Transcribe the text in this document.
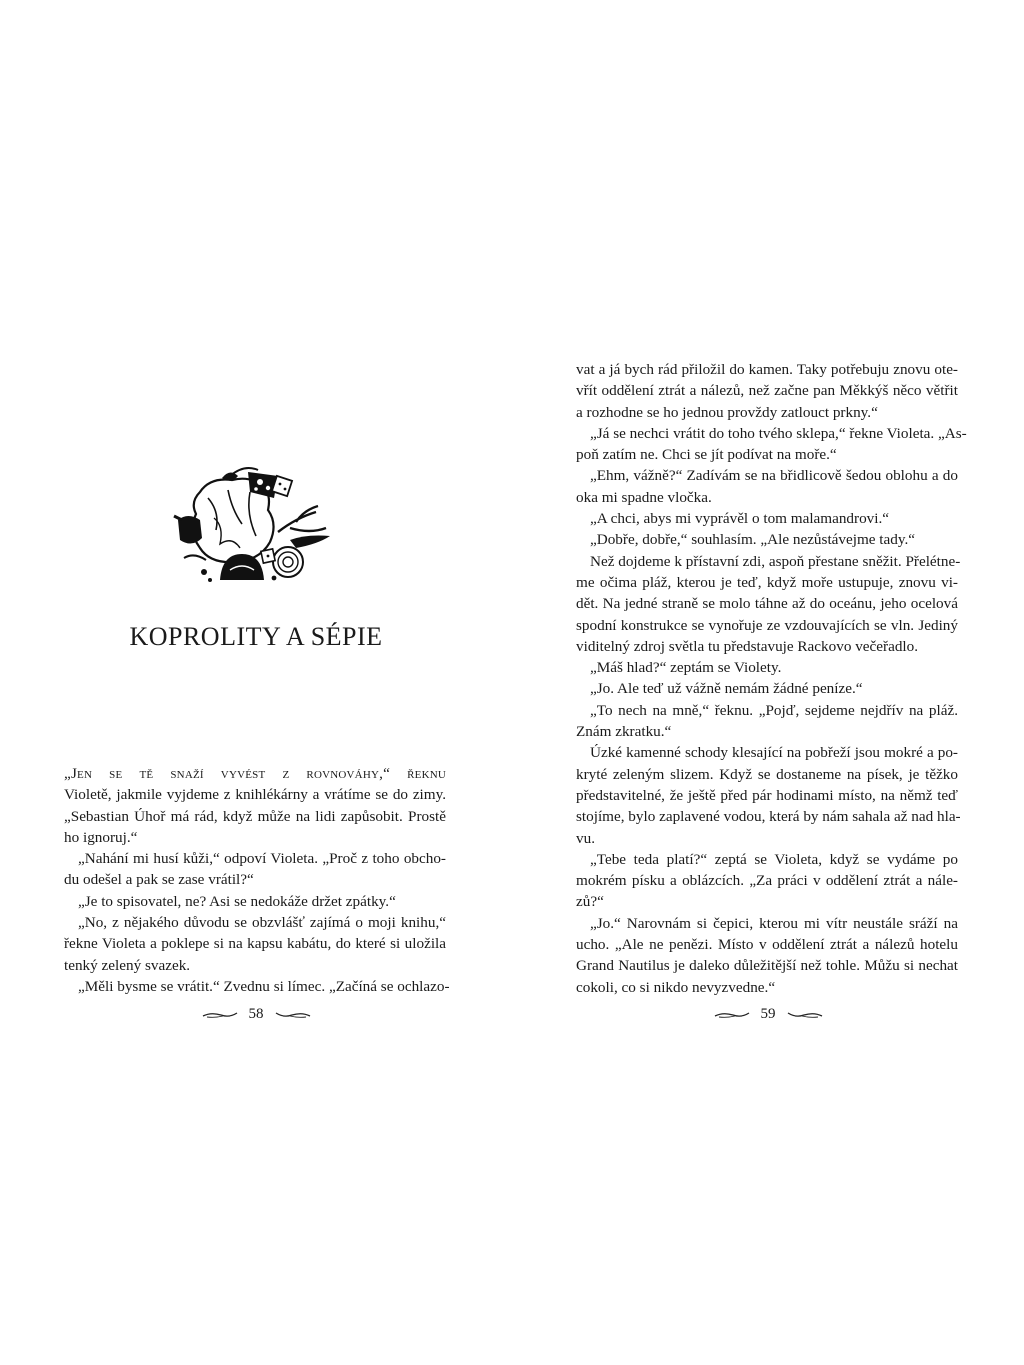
KOPROLITY A SÉPIE
„Jen se tě snaží vyvést z rovnováhy,“ řeknu
Violetě, jakmile vyjdeme z knihlékárny a vrátíme se do zimy.
„Sebastian Úhoř má rád, když může na lidi zapůsobit. Prostě
ho ignoruj.“
„Nahání mi husí kůži,“ odpoví Violeta. „Proč z toho obcho-
du odešel a pak se zase vrátil?“
„Je to spisovatel, ne? Asi se nedokáže držet zpátky.“
„No, z nějakého důvodu se obzvlášť zajímá o moji knihu,“
řekne Violeta a poklepe si na kapsu kabátu, do které si uložila
tenký zelený svazek.
„Měli bysme se vrátit.“ Zvednu si límec. „Začíná se ochlazo-
58
vat a já bych rád přiložil do kamen. Taky potřebuju znovu ote-
vřít oddělení ztrát a nálezů, než začne pan Měkkýš něco větřit
a rozhodne se ho jednou provždy zatlouct prkny.“
„Já se nechci vrátit do toho tvého sklepa,“ řekne Violeta. „As-
poň zatím ne. Chci se jít podívat na moře.“
„Ehm, vážně?“ Zadívám se na břidlicově šedou oblohu a do
oka mi spadne vločka.
„A chci, abys mi vyprávěl o tom malamandrovi.“
„Dobře, dobře,“ souhlasím. „Ale nezůstávejme tady.“
Než dojdeme k přístavní zdi, aspoň přestane sněžit. Přelétne-
me očima pláž, kterou je teď, když moře ustupuje, znovu vi-
dět. Na jedné straně se molo táhne až do oceánu, jeho ocelová
spodní konstrukce se vynořuje ze vzdouvajících se vln. Jediný
viditelný zdroj světla tu představuje Rackovo večeřadlo.
„Máš hlad?“ zeptám se Violety.
„Jo. Ale teď už vážně nemám žádné peníze.“
„To nech na mně,“ řeknu. „Pojď, sejdeme nejdřív na pláž.
Znám zkratku.“
Úzké kamenné schody klesající na pobřeží jsou mokré a po-
kryté zeleným slizem. Když se dostaneme na písek, je těžko
představitelné, že ještě před pár hodinami místo, na němž teď
stojíme, bylo zaplavené vodou, která by nám sahala až nad hla-
vu.
„Tebe teda platí?“ zeptá se Violeta, když se vydáme po
mokrém písku a oblázcích. „Za práci v oddělení ztrát a nále-
zů?“
„Jo.“ Narovnám si čepici, kterou mi vítr neustále sráží na
ucho. „Ale ne penězi. Místo v oddělení ztrát a nálezů hotelu
Grand Nautilus je daleko důležitější než tohle. Můžu si nechat
cokoli, co si nikdo nevyzvedne.“
59
